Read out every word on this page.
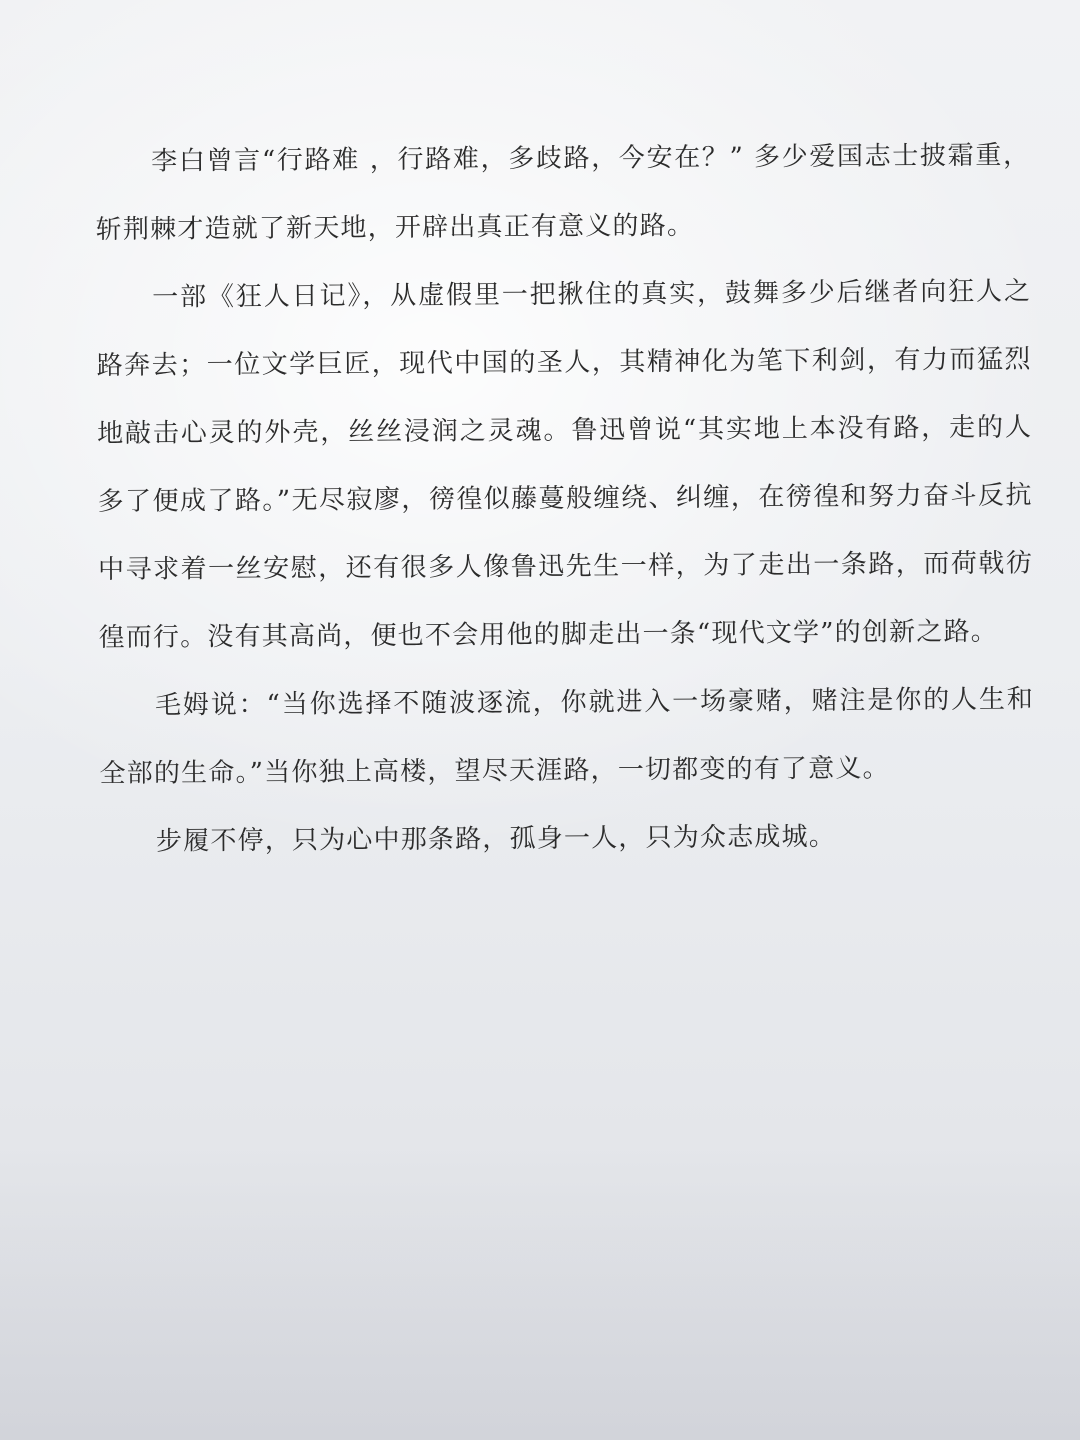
李白曾言“行路难 ，行路难，多歧路，今安在？” 多少爱国志士披霜重，斩荆棘才造就了新天地，开辟出真正有意义的路。

一部《狂人日记》，从虚假里一把揪住的真实，鼓舞多少后继者向狂人之路奔去；一位文学巨匠，现代中国的圣人，其精神化为笔下利剑，有力而猛烈地敲击心灵的外壳，丝丝浸润之灵魂。鲁迅曾说“其实地上本没有路，走的人多了便成了路。”无尽寂廖，徬徨似藤蔓般缠绕、纠缠，在徬徨和努力奋斗反抗中寻求着一丝安慰，还有很多人像鲁迅先生一样，为了走出一条路，而荷戟彷徨而行。没有其高尚，便也不会用他的脚走出一条“现代文学”的创新之路。

毛姆说：“当你选择不随波逐流，你就进入一场豪赌，赌注是你的人生和全部的生命。”当你独上高楼，望尽天涯路，一切都变的有了意义。

步履不停，只为心中那条路，孤身一人，只为众志成城。
